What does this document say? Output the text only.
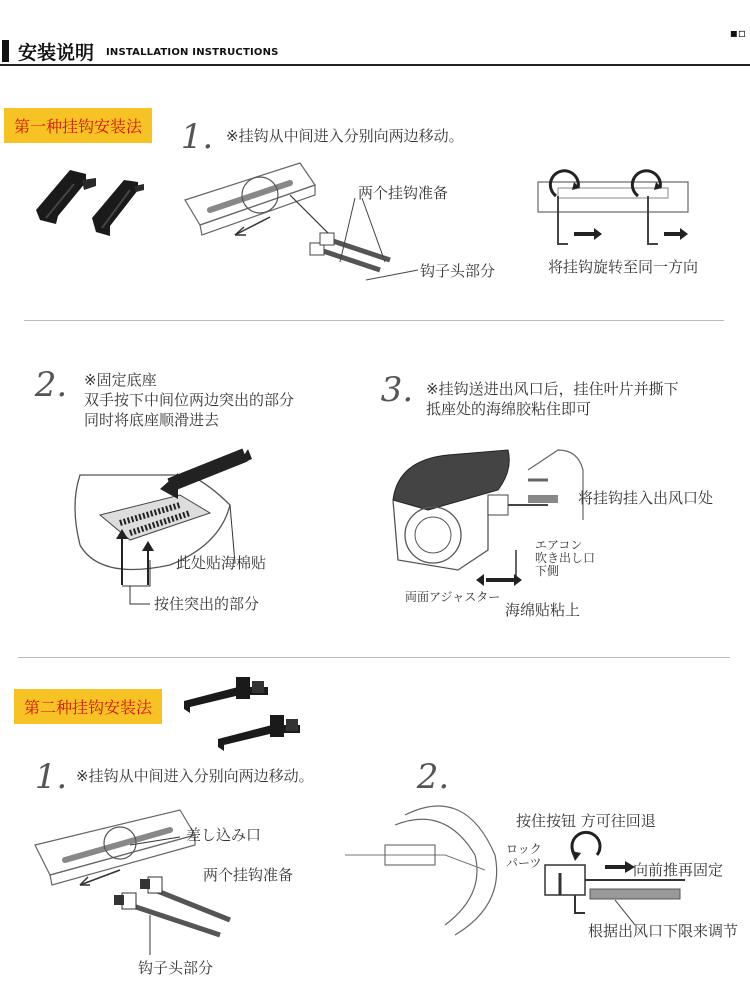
安装说明 INSTALLATION INSTRUCTIONS
▪▫
第一种挂钩安装法 1. ※挂钩从中间进入分别向两边移动。
两个挂钩准备
钩子头部分	将挂钩旋转至同一方向
2.	※固定底座
双手按下中间位两边突出的部分
同时将底座顺滑进去
此处贴海棉贴
按住突出的部分
3. ※挂钩送进出风口后，挂住叶片并撕下
抵座处的海绵胶粘住即可
将挂钩挂入出风口处
エアコン
吹き出し口
下側
両面アジャスター
海绵贴粘上
第二种挂钩安装法
1. ※挂钩从中间进入分别向两边移动。
差し込み口
两个挂钩准备
钩子头部分
2.
按住按钮 方可往回退
ロック
パーツ	向前推再固定
根据出风口下限来调节
